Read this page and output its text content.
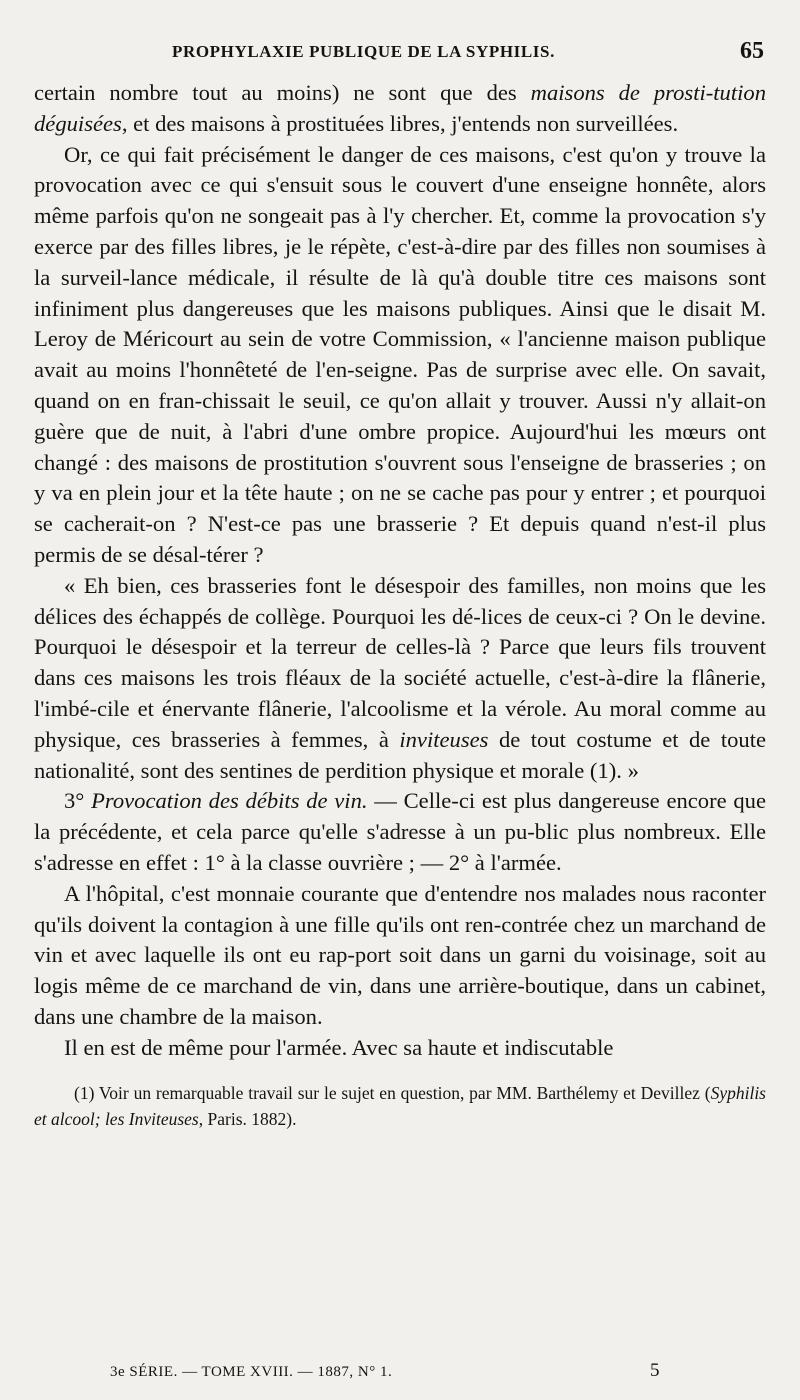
PROPHYLAXIE PUBLIQUE DE LA SYPHILIS.	65

certain nombre tout au moins) ne sont que des maisons de prosti-tution déguisées, et des maisons à prostituées libres, j'entends non surveillées.

Or, ce qui fait précisément le danger de ces maisons, c'est qu'on y trouve la provocation avec ce qui s'ensuit sous le couvert d'une enseigne honnête, alors même parfois qu'on ne songeait pas à l'y chercher. Et, comme la provocation s'y exerce par des filles libres, je le répète, c'est-à-dire par des filles non soumises à la surveil-lance médicale, il résulte de là qu'à double titre ces maisons sont infiniment plus dangereuses que les maisons publiques. Ainsi que le disait M. Leroy de Méricourt au sein de votre Commission, « l'ancienne maison publique avait au moins l'honnêteté de l'en-seigne. Pas de surprise avec elle. On savait, quand on en fran-chissait le seuil, ce qu'on allait y trouver. Aussi n'y allait-on guère que de nuit, à l'abri d'une ombre propice. Aujourd'hui les mœurs ont changé : des maisons de prostitution s'ouvrent sous l'enseigne de brasseries ; on y va en plein jour et la tête haute ; on ne se cache pas pour y entrer ; et pourquoi se cacherait-on ? N'est-ce pas une brasserie ? Et depuis quand n'est-il plus permis de se désal-térer ?

« Eh bien, ces brasseries font le désespoir des familles, non moins que les délices des échappés de collège. Pourquoi les dé-lices de ceux-ci ? On le devine. Pourquoi le désespoir et la terreur de celles-là ? Parce que leurs fils trouvent dans ces maisons les trois fléaux de la société actuelle, c'est-à-dire la flânerie, l'imbé-cile et énervante flânerie, l'alcoolisme et la vérole. Au moral comme au physique, ces brasseries à femmes, à inviteuses de tout costume et de toute nationalité, sont des sentines de perdition physique et morale (1). »

3° Provocation des débits de vin. — Celle-ci est plus dangereuse encore que la précédente, et cela parce qu'elle s'adresse à un pu-blic plus nombreux. Elle s'adresse en effet : 1° à la classe ouvrière ; — 2° à l'armée.

A l'hôpital, c'est monnaie courante que d'entendre nos malades nous raconter qu'ils doivent la contagion à une fille qu'ils ont ren-contrée chez un marchand de vin et avec laquelle ils ont eu rap-port soit dans un garni du voisinage, soit au logis même de ce marchand de vin, dans une arrière-boutique, dans un cabinet, dans une chambre de la maison.

Il en est de même pour l'armée. Avec sa haute et indiscutable

(1) Voir un remarquable travail sur le sujet en question, par MM. Barthélemy et Devillez (Syphilis et alcool; les Inviteuses, Paris. 1882).

3e SÉRIE. — TOME XVIII. — 1887, N° 1.	5
